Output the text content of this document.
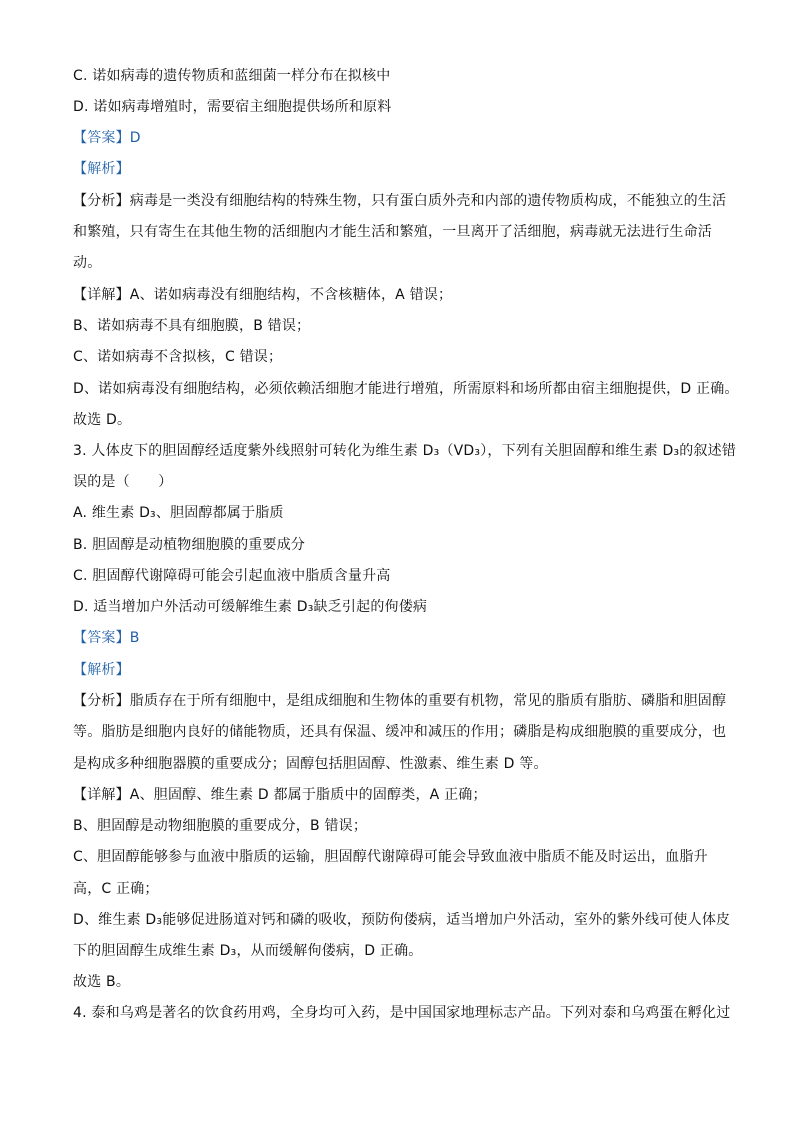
C. 诺如病毒的遗传物质和蓝细菌一样分布在拟核中
D. 诺如病毒增殖时，需要宿主细胞提供场所和原料
【答案】D
【解析】
【分析】病毒是一类没有细胞结构的特殊生物，只有蛋白质外壳和内部的遗传物质构成，不能独立的生活
和繁殖，只有寄生在其他生物的活细胞内才能生活和繁殖，一旦离开了活细胞，病毒就无法进行生命活
动。
【详解】A、诺如病毒没有细胞结构，不含核糖体，A 错误；
B、诺如病毒不具有细胞膜，B 错误；
C、诺如病毒不含拟核，C 错误；
D、诺如病毒没有细胞结构，必须依赖活细胞才能进行增殖，所需原料和场所都由宿主细胞提供，D 正确。
故选 D。
3. 人体皮下的胆固醇经适度紫外线照射可转化为维生素 D₃（VD₃），下列有关胆固醇和维生素 D₃的叙述错
误的是（　　）
A. 维生素 D₃、胆固醇都属于脂质
B. 胆固醇是动植物细胞膜的重要成分
C. 胆固醇代谢障碍可能会引起血液中脂质含量升高
D. 适当增加户外活动可缓解维生素 D₃缺乏引起的佝偻病
【答案】B
【解析】
【分析】脂质存在于所有细胞中，是组成细胞和生物体的重要有机物，常见的脂质有脂肪、磷脂和胆固醇
等。脂肪是细胞内良好的储能物质，还具有保温、缓冲和减压的作用；磷脂是构成细胞膜的重要成分，也
是构成多种细胞器膜的重要成分；固醇包括胆固醇、性激素、维生素 D 等。
【详解】A、胆固醇、维生素 D 都属于脂质中的固醇类，A 正确；
B、胆固醇是动物细胞膜的重要成分，B 错误；
C、胆固醇能够参与血液中脂质的运输，胆固醇代谢障碍可能会导致血液中脂质不能及时运出，血脂升
高，C 正确；
D、维生素 D₃能够促进肠道对钙和磷的吸收，预防佝偻病，适当增加户外活动，室外的紫外线可使人体皮
下的胆固醇生成维生素 D₃，从而缓解佝偻病，D 正确。
故选 B。
4. 泰和乌鸡是著名的饮食药用鸡，全身均可入药，是中国国家地理标志产品。下列对泰和乌鸡蛋在孵化过
